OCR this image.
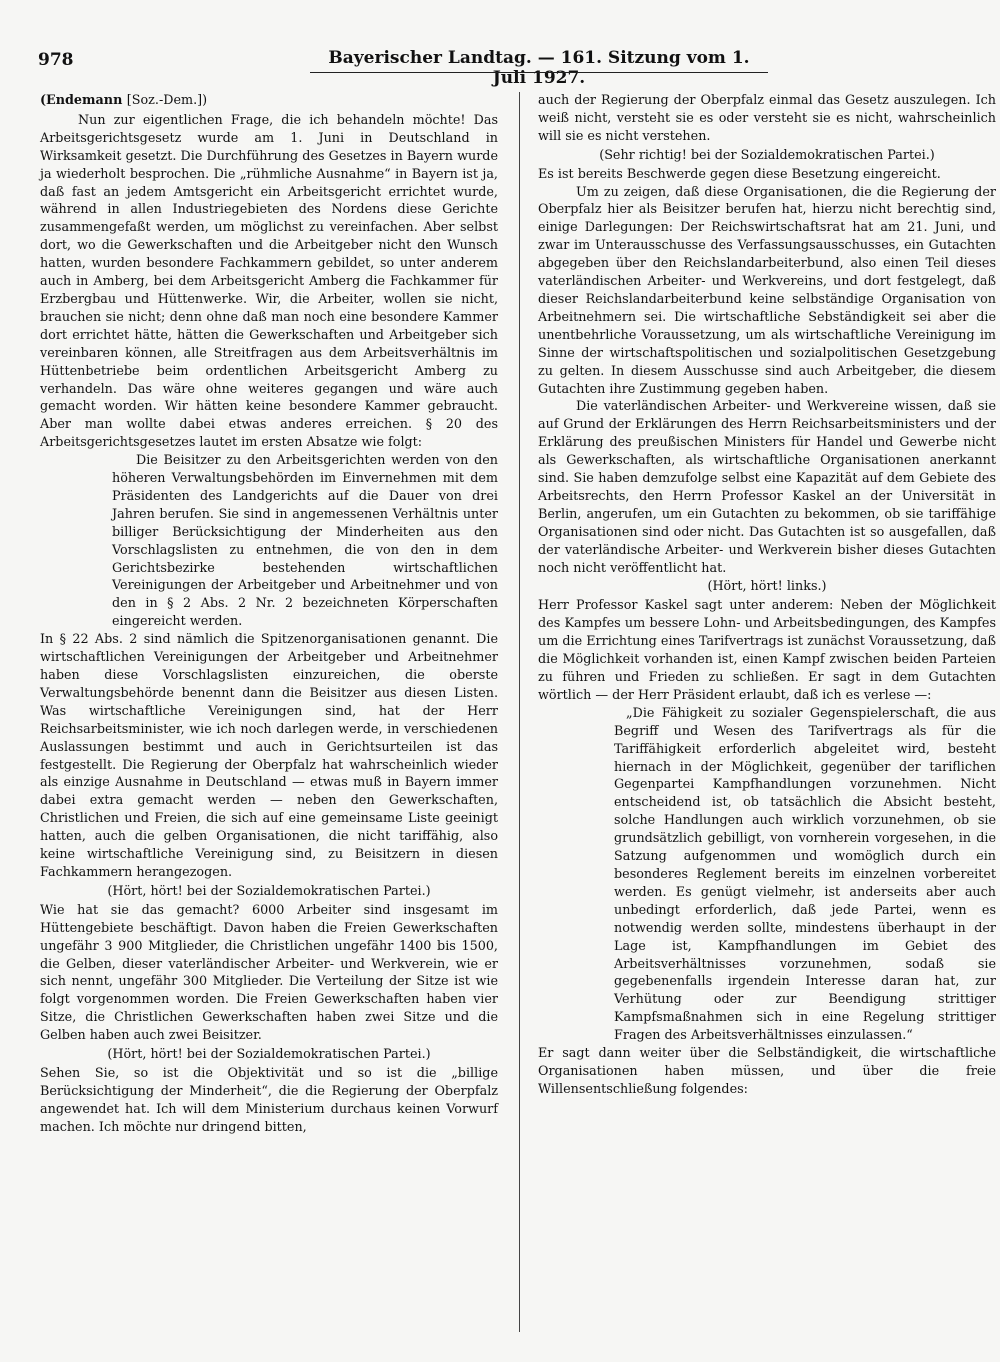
978	Bayerischer Landtag. — 161. Sitzung vom 1. Juli 1927.

(Endemann [Soz.-Dem.])

Nun zur eigentlichen Frage, die ich behandeln möchte! Das Arbeitsgerichtsgesetz wurde am 1. Juni in Deutschland in Wirksamkeit gesetzt. Die Durchführung des Gesetzes in Bayern wurde ja wiederholt besprochen. Die „rühmliche Ausnahme“ in Bayern ist ja, daß fast an jedem Amtsgericht ein Arbeitsgericht errichtet wurde, während in allen Industriegebieten des Nordens diese Gerichte zusammengefaßt werden, um möglichst zu vereinfachen. Aber selbst dort, wo die Gewerkschaften und die Arbeitgeber nicht den Wunsch hatten, wurden besondere Fachkammern gebildet, so unter anderem auch in Amberg, bei dem Arbeitsgericht Amberg die Fachkammer für Erzbergbau und Hüttenwerke. Wir, die Arbeiter, wollen sie nicht, brauchen sie nicht; denn ohne daß man noch eine besondere Kammer dort errichtet hätte, hätten die Gewerkschaften und Arbeitgeber sich vereinbaren können, alle Streitfragen aus dem Arbeitsverhältnis im Hüttenbetriebe beim ordentlichen Arbeitsgericht Amberg zu verhandeln. Das wäre ohne weiteres gegangen und wäre auch gemacht worden. Wir hätten keine besondere Kammer gebraucht. Aber man wollte dabei etwas anderes erreichen. § 20 des Arbeitsgerichtsgesetzes lautet im ersten Absatze wie folgt:

Die Beisitzer zu den Arbeitsgerichten werden von den höheren Verwaltungsbehörden im Einvernehmen mit dem Präsidenten des Landgerichts auf die Dauer von drei Jahren berufen. Sie sind in angemessenen Verhältnis unter billiger Berücksichtigung der Minderheiten aus den Vorschlagslisten zu entnehmen, die von den in dem Gerichtsbezirke bestehenden wirtschaftlichen Vereinigungen der Arbeitgeber und Arbeitnehmer und von den in § 2 Abs. 2 Nr. 2 bezeichneten Körperschaften eingereicht werden.

In § 22 Abs. 2 sind nämlich die Spitzenorganisationen genannt. Die wirtschaftlichen Vereinigungen der Arbeitgeber und Arbeitnehmer haben diese Vorschlagslisten einzureichen, die oberste Verwaltungsbehörde benennt dann die Beisitzer aus diesen Listen. Was wirtschaftliche Vereinigungen sind, hat der Herr Reichsarbeitsminister, wie ich noch darlegen werde, in verschiedenen Auslassungen bestimmt und auch in Gerichtsurteilen ist das festgestellt. Die Regierung der Oberpfalz hat wahrscheinlich wieder als einzige Ausnahme in Deutschland — etwas muß in Bayern immer dabei extra gemacht werden — neben den Gewerkschaften, Christlichen und Freien, die sich auf eine gemeinsame Liste geeinigt hatten, auch die gelben Organisationen, die nicht tariffähig, also keine wirtschaftliche Vereinigung sind, zu Beisitzern in diesen Fachkammern herangezogen.

(Hört, hört! bei der Sozialdemokratischen Partei.)

Wie hat sie das gemacht? 6000 Arbeiter sind insgesamt im Hüttengebiete beschäftigt. Davon haben die Freien Gewerkschaften ungefähr 3 900 Mitglieder, die Christlichen ungefähr 1400 bis 1500, die Gelben, dieser vaterländischer Arbeiter- und Werkverein, wie er sich nennt, ungefähr 300 Mitglieder. Die Verteilung der Sitze ist wie folgt vorgenommen worden. Die Freien Gewerkschaften haben vier Sitze, die Christlichen Gewerkschaften haben zwei Sitze und die Gelben haben auch zwei Beisitzer.

(Hört, hört! bei der Sozialdemokratischen Partei.)

Sehen Sie, so ist die Objektivität und so ist die „billige Berücksichtigung der Minderheit“, die die Regierung der Oberpfalz angewendet hat. Ich will dem Ministerium durchaus keinen Vorwurf machen. Ich möchte nur dringend bitten,

auch der Regierung der Oberpfalz einmal das Gesetz auszulegen. Ich weiß nicht, versteht sie es oder versteht sie es nicht, wahrscheinlich will sie es nicht verstehen.

(Sehr richtig! bei der Sozialdemokratischen Partei.)

Es ist bereits Beschwerde gegen diese Besetzung eingereicht.

Um zu zeigen, daß diese Organisationen, die die Regierung der Oberpfalz hier als Beisitzer berufen hat, hierzu nicht berechtig sind, einige Darlegungen: Der Reichswirtschaftsrat hat am 21. Juni, und zwar im Unterausschusse des Verfassungsausschusses, ein Gutachten abgegeben über den Reichslandarbeiterbund, also einen Teil dieses vaterländischen Arbeiter- und Werkvereins, und dort festgelegt, daß dieser Reichslandarbeiterbund keine selbständige Organisation von Arbeitnehmern sei. Die wirtschaftliche Sebständigkeit sei aber die unentbehrliche Voraussetzung, um als wirtschaftliche Vereinigung im Sinne der wirtschaftspolitischen und sozialpolitischen Gesetzgebung zu gelten. In diesem Ausschusse sind auch Arbeitgeber, die diesem Gutachten ihre Zustimmung gegeben haben.

Die vaterländischen Arbeiter- und Werkvereine wissen, daß sie auf Grund der Erklärungen des Herrn Reichsarbeitsministers und der Erklärung des preußischen Ministers für Handel und Gewerbe nicht als Gewerkschaften, als wirtschaftliche Organisationen anerkannt sind. Sie haben demzufolge selbst eine Kapazität auf dem Gebiete des Arbeitsrechts, den Herrn Professor Kaskel an der Universität in Berlin, angerufen, um ein Gutachten zu bekommen, ob sie tariffähige Organisationen sind oder nicht. Das Gutachten ist so ausgefallen, daß der vaterländische Arbeiter- und Werkverein bisher dieses Gutachten noch nicht veröffentlicht hat.

(Hört, hört! links.)

Herr Professor Kaskel sagt unter anderem: Neben der Möglichkeit des Kampfes um bessere Lohn- und Arbeitsbedingungen, des Kampfes um die Errichtung eines Tarifvertrags ist zunächst Voraussetzung, daß die Möglichkeit vorhanden ist, einen Kampf zwischen beiden Parteien zu führen und Frieden zu schließen. Er sagt in dem Gutachten wörtlich — der Herr Präsident erlaubt, daß ich es verlese —:

„Die Fähigkeit zu sozialer Gegenspielerschaft, die aus Begriff und Wesen des Tarifvertrags als für die Tariffähigkeit erforderlich abgeleitet wird, besteht hiernach in der Möglichkeit, gegenüber der tariflichen Gegenpartei Kampfhandlungen vorzunehmen. Nicht entscheidend ist, ob tatsächlich die Absicht besteht, solche Handlungen auch wirklich vorzunehmen, ob sie grundsätzlich gebilligt, von vornherein vorgesehen, in die Satzung aufgenommen und womöglich durch ein besonderes Reglement bereits im einzelnen vorbereitet werden. Es genügt vielmehr, ist anderseits aber auch unbedingt erforderlich, daß jede Partei, wenn es notwendig werden sollte, mindestens überhaupt in der Lage ist, Kampfhandlungen im Gebiet des Arbeitsverhältnisses vorzunehmen, sodaß sie gegebenenfalls irgendein Interesse daran hat, zur Verhütung oder zur Beendigung strittiger Kampfsmaßnahmen sich in eine Regelung strittiger Fragen des Arbeitsverhältnisses einzulassen.“

Er sagt dann weiter über die Selbständigkeit, die wirtschaftliche Organisationen haben müssen, und über die freie Willensentschließung folgendes:
